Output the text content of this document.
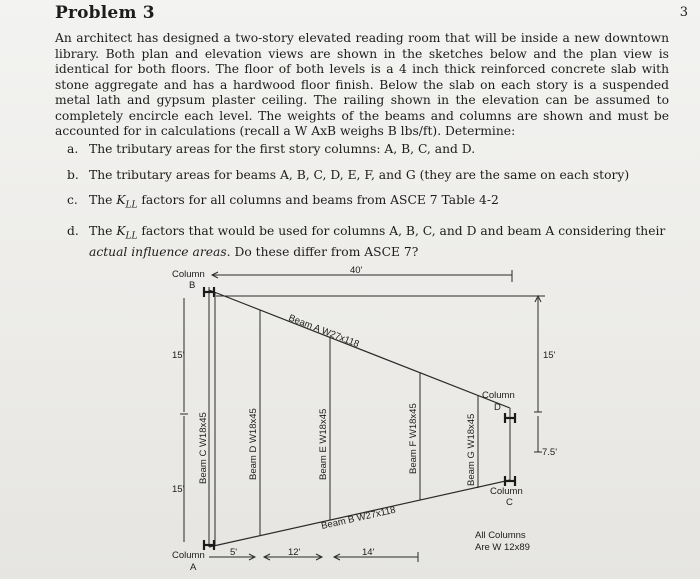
Problem 3	3
An architect has designed a two-story elevated reading room that will be inside a new downtown library. Both plan and elevation views are shown in the sketches below and the plan view is identical for both floors. The floor of both levels is a 4 inch thick reinforced concrete slab with stone aggregate and has a hardwood floor finish. Below the slab on each story is a suspended metal lath and gypsum plaster ceiling. The railing shown in the elevation can be assumed to completely encircle each level. The weights of the beams and columns are shown and must be accounted for in calculations (recall a W AxB weighs B lbs/ft). Determine:
a. The tributary areas for the first story columns: A, B, C, and D.
b. The tributary areas for beams A, B, C, D, E, F, and G (they are the same on each story)
c. The $K_{LL}$ factors for all columns and beams from ASCE 7 Table 4-2
d. The $K_{LL}$ factors that would be used for columns A, B, C, and D and beam A considering their actual influence areas. Do these differ from ASCE 7?
Column
B
40'
15'
15'
15'
7.5'
Column
A
5'	12'	14'
Column
D
Column
C
All Columns
Are W 12x89
Beam A W27x118
Beam B W27x118
Beam C W18x45	Beam D W18x45	Beam E W18x45	Beam F W18x45	Beam G W18x45
